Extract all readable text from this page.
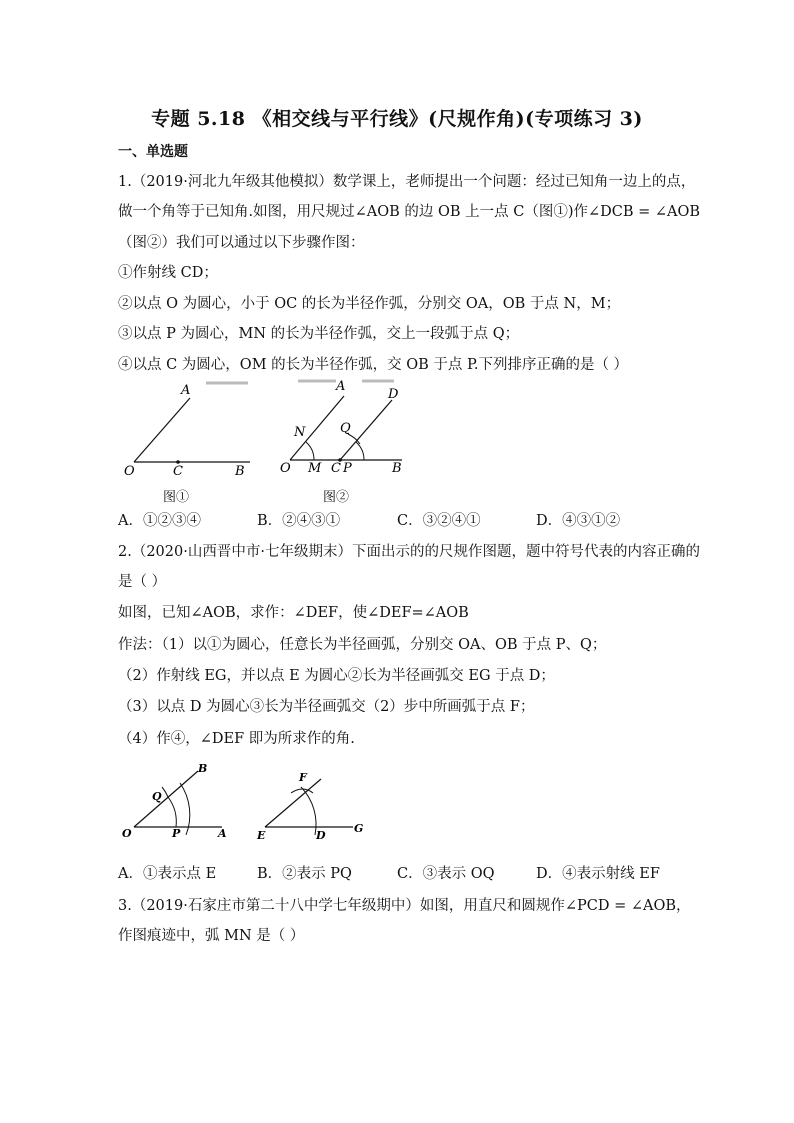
专题 5.18 《相交线与平行线》(尺规作角)(专项练习 3)
一、单选题
1.（2019·河北九年级其他模拟）数学课上，老师提出一个问题：经过已知角一边上的点，
做一个角等于已知角.如图，用尺规过∠AOB 的边 OB 上一点 C（图①)作∠DCB = ∠AOB
（图②）我们可以通过以下步骤作图：
①作射线 CD；
②以点 O 为圆心，小于 OC 的长为半径作弧，分别交 OA，OB 于点 N，M；
③以点 P 为圆心，MN 的长为半径作弧，交上一段弧于点 Q；
④以点 C 为圆心，OM 的长为半径作弧，交 OB 于点 P.下列排序正确的是（ ）
A
O	C	B
图①
A
D
N	Q
O M C P	B
图②
A．①②③④	B．②④③①	C．③②④①	D．④③①②
2.（2020·山西晋中市·七年级期末）下面出示的的尺规作图题，题中符号代表的内容正确的
是（ ）
如图，已知∠AOB，求作：∠DEF，使∠DEF=∠AOB
作法：（1）以①为圆心，任意长为半径画弧，分别交 OA、OB 于点 P、Q；
（2）作射线 EG，并以点 E 为圆心②长为半径画弧交 EG 于点 D；
（3）以点 D 为圆心③长为半径画弧交（2）步中所画弧于点 F；
（4）作④，∠DEF 即为所求作的角.
B
Q
O	P	A
F
E	D
G
A．①表示点 E	B．②表示 PQ	C．③表示 OQ	D．④表示射线 EF
3.（2019·石家庄市第二十八中学七年级期中）如图，用直尺和圆规作∠PCD = ∠AOB，
作图痕迹中，弧 MN 是（ ）
